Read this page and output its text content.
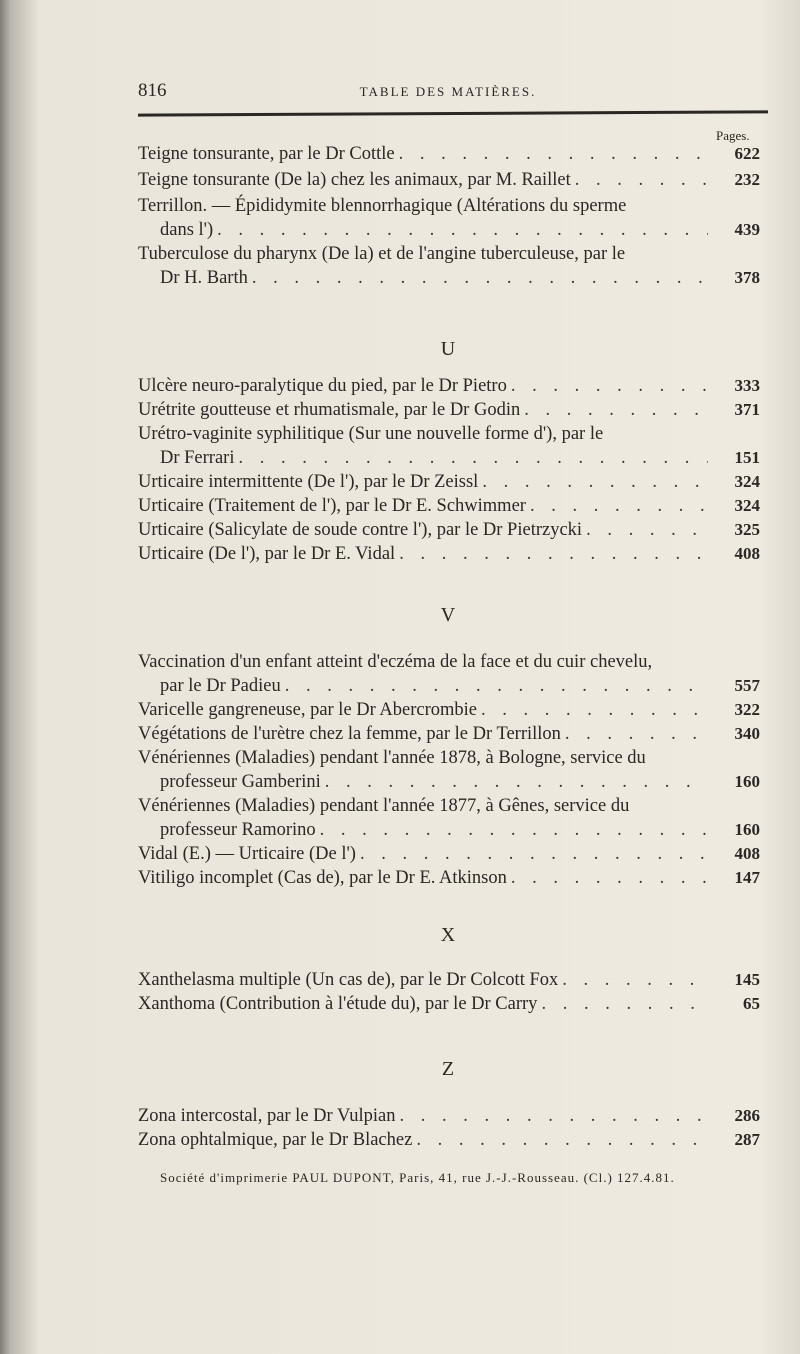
816	TABLE DES MATIÈRES.
Pages.
Teigne tonsurante, par le Dr Cottle . . .	622
Teigne tonsurante (De la) chez les animaux, par M. Raillet . . .	232
Terrillon. — Épididymite blennorrhagique (Altérations du sperme
dans l') . . .	439
Tuberculose du pharynx (De la) et de l'angine tuberculeuse, par le
Dr H. Barth . . .	378
U
Ulcère neuro-paralytique du pied, par le Dr Pietro . . .	333
Urétrite goutteuse et rhumatismale, par le Dr Godin . . .	371
Urétro-vaginite syphilitique (Sur une nouvelle forme d'), par le
Dr Ferrari . . .	151
Urticaire intermittente (De l'), par le Dr Zeissl . . .	324
Urticaire (Traitement de l'), par le Dr E. Schwimmer . . .	324
Urticaire (Salicylate de soude contre l'), par le Dr Pietrzycki . . .	325
Urticaire (De l'), par le Dr E. Vidal . . .	408
V
Vaccination d'un enfant atteint d'eczéma de la face et du cuir chevelu,
par le Dr Padieu . . .	557
Varicelle gangreneuse, par le Dr Abercrombie . . .	322
Végétations de l'urètre chez la femme, par le Dr Terrillon . . .	340
Vénériennes (Maladies) pendant l'année 1878, à Bologne, service du
professeur Gamberini . . .	160
Vénériennes (Maladies) pendant l'année 1877, à Gênes, service du
professeur Ramorino . . .	160
Vidal (E.) — Urticaire (De l') . . .	408
Vitiligo incomplet (Cas de), par le Dr E. Atkinson . . .	147
X
Xanthelasma multiple (Un cas de), par le Dr Colcott Fox . . .	145
Xanthoma (Contribution à l'étude du), par le Dr Carry . . .	65
Z
Zona intercostal, par le Dr Vulpian . . .	286
Zona ophtalmique, par le Dr Blachez . . .	287
Société d'imprimerie PAUL DUPONT, Paris, 41, rue J.-J.-Rousseau. (Cl.) 127.4.81.
